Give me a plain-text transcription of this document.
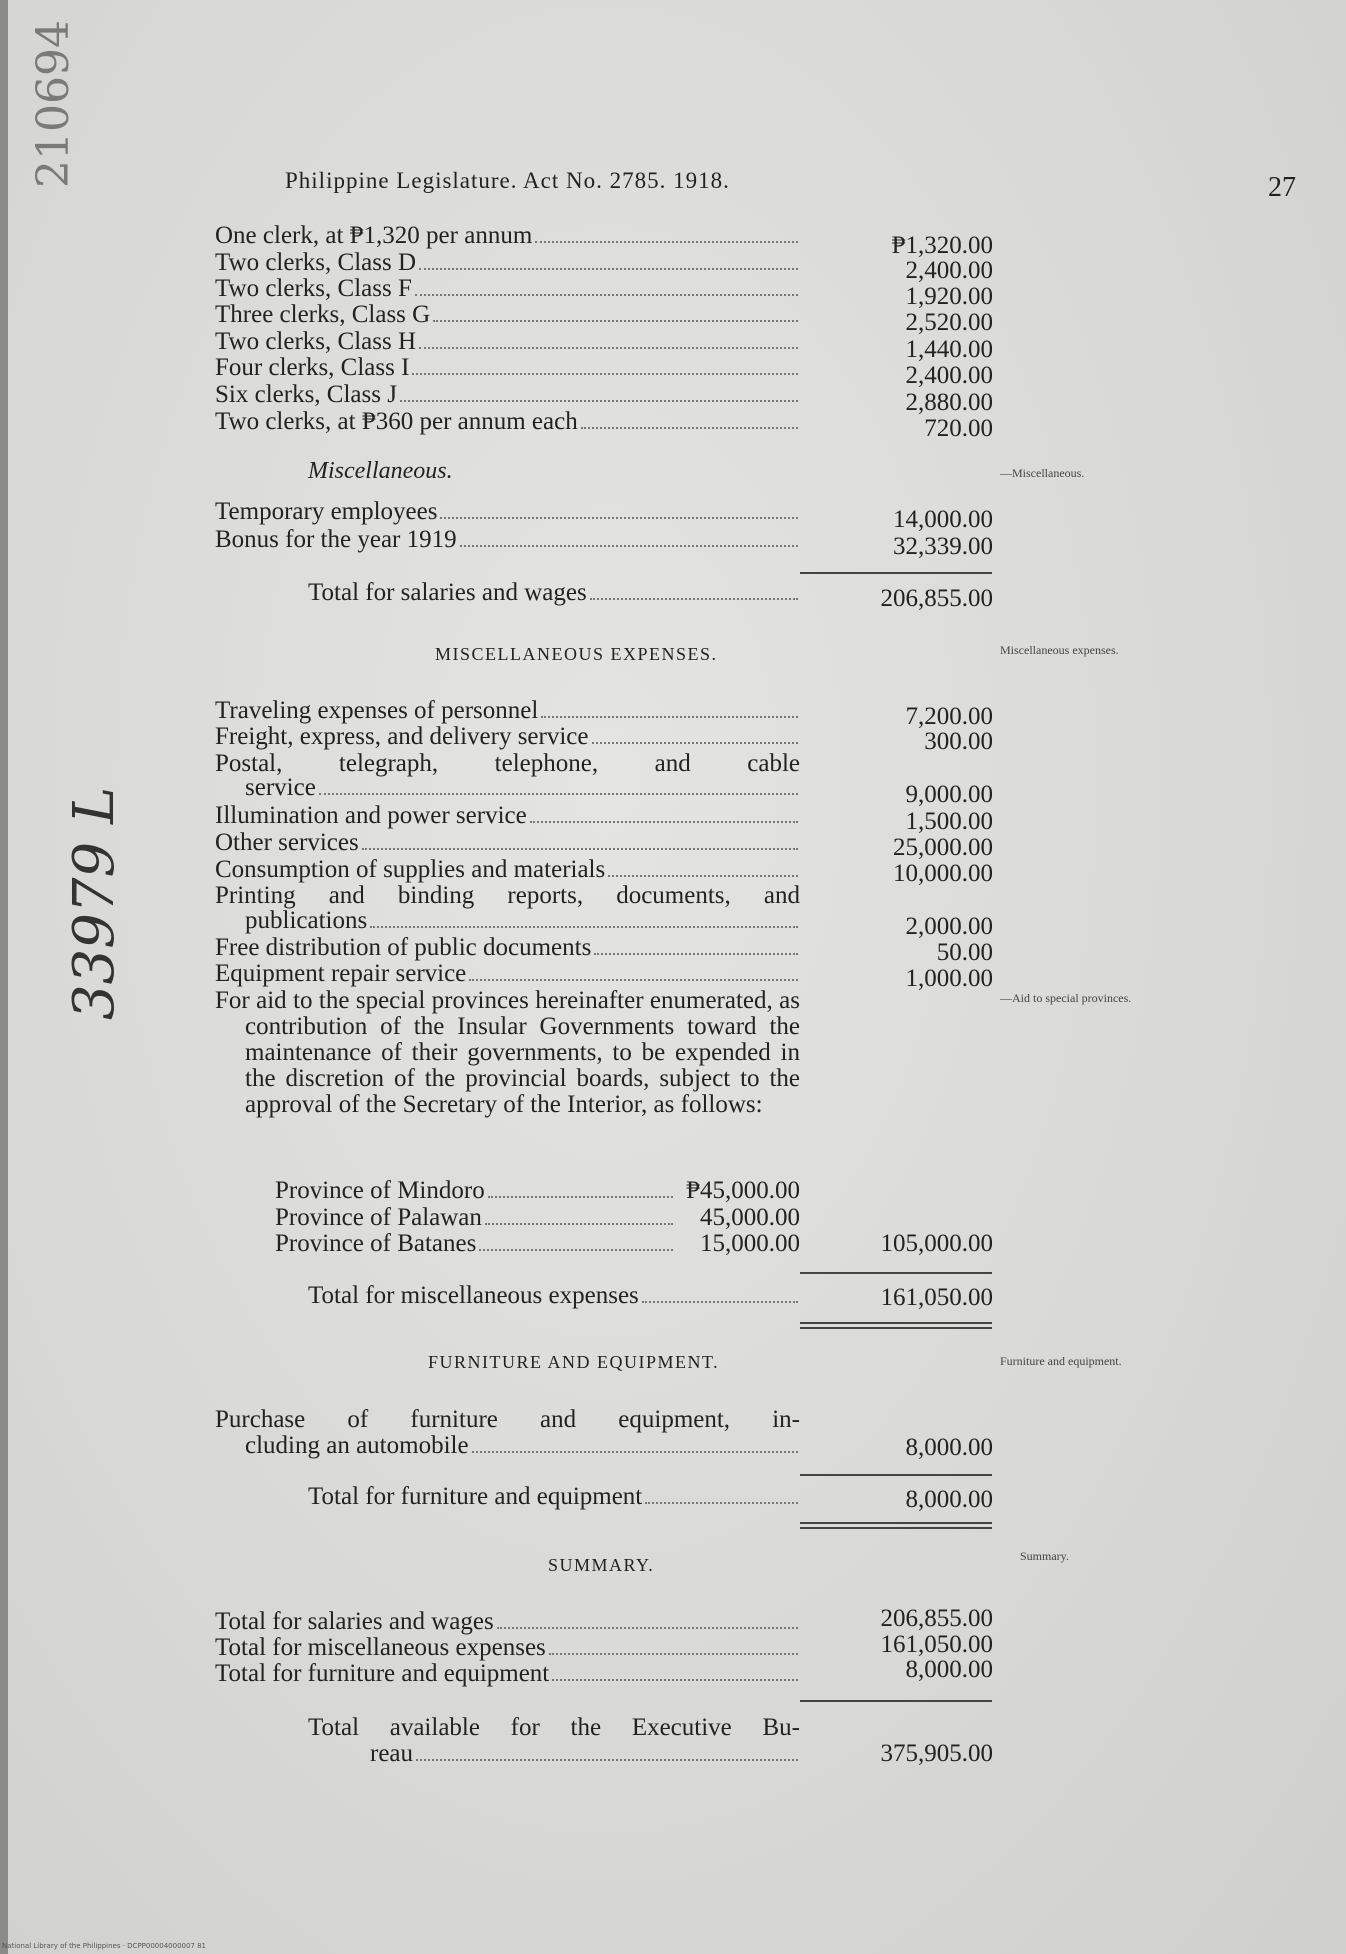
210694
33979 L
Philippine Legislature. Act No. 2785. 1918.	27
One clerk, at ₱1,320 per annum	₱1,320.00
Two clerks, Class D	2,400.00
Two clerks, Class F	1,920.00
Three clerks, Class G	2,520.00
Two clerks, Class H	1,440.00
Four clerks, Class I	2,400.00
Six clerks, Class J	2,880.00
Two clerks, at ₱360 per annum each	720.00
Miscellaneous.	—Miscellaneous.
Temporary employees	14,000.00
Bonus for the year 1919	32,339.00
Total for salaries and wages	206,855.00
MISCELLANEOUS EXPENSES.	Miscellaneous expenses.
Traveling expenses of personnel	7,200.00
Freight, express, and delivery service	300.00
Postal, telegraph, telephone, and cable
service	9,000.00
Illumination and power service	1,500.00
Other services	25,000.00
Consumption of supplies and materials	10,000.00
Printing and binding reports, documents, and
publications	2,000.00
Free distribution of public documents	50.00
Equipment repair service	1,000.00
For aid to the special provinces hereinafter enumerated, as contribution of the Insular Governments toward the maintenance of their governments, to be expended in the discretion of the provincial boards, subject to the approval of the Secretary of the Interior, as follows:
—Aid to special provinces.
Province of Mindoro	₱45,000.00
Province of Palawan	45,000.00
Province of Batanes	15,000.00	105,000.00
Total for miscellaneous expenses	161,050.00
FURNITURE AND EQUIPMENT.	Furniture and equipment.
Purchase of furniture and equipment, in-
cluding an automobile	8,000.00
Total for furniture and equipment	8,000.00
SUMMARY.	Summary.
Total for salaries and wages	206,855.00
Total for miscellaneous expenses	161,050.00
Total for furniture and equipment	8,000.00
Total available for the Executive Bu-
reau	375,905.00
National Library of the Philippines · DCPP00004000007 81
